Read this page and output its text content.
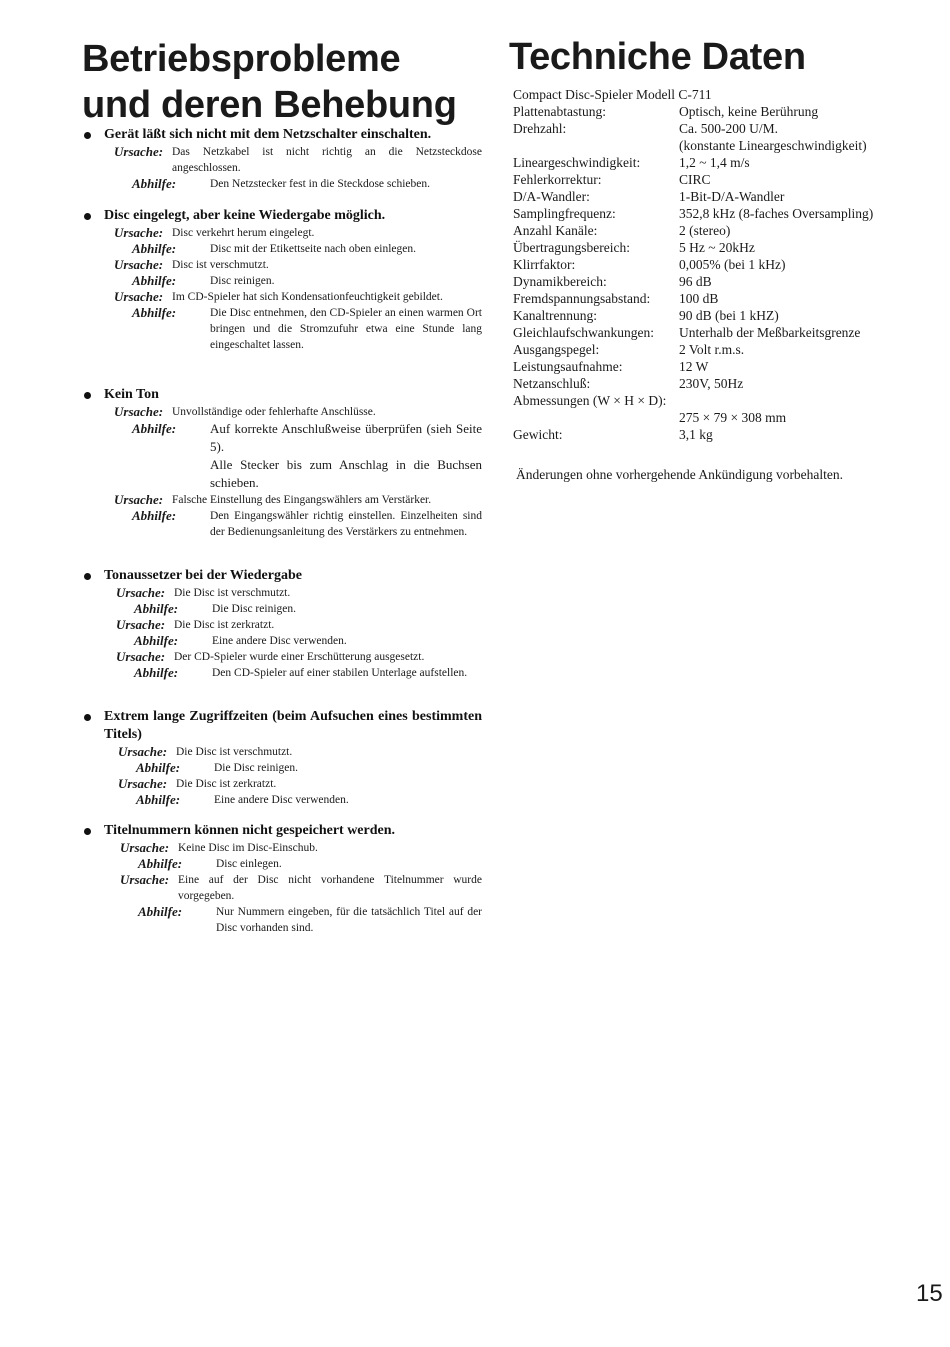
Betriebsprobleme
und deren Behebung
Techniche Daten
Gerät läßt sich nicht mit dem Netzschalter einschalten.
Ursache: Das Netzkabel ist nicht richtig an die Netzsteckdose angeschlossen.
Abhilfe:	Den Netzstecker fest in die Steckdose schieben.
Disc eingelegt, aber keine Wiedergabe möglich.
Ursache: Disc verkehrt herum eingelegt.
Abhilfe:	Disc mit der Etikettseite nach oben einlegen.
Ursache: Disc ist verschmutzt.
Abhilfe:	Disc reinigen.
Ursache: Im CD-Spieler hat sich Kondensationfeuchtigkeit gebildet.
Abhilfe:	Die Disc entnehmen, den CD-Spieler an einen warmen Ort bringen und die Stromzufuhr etwa eine Stunde lang eingeschaltet lassen.
Kein Ton
Ursache: Unvollständige oder fehlerhafte Anschlüsse.
Abhilfe:	Auf korrekte Anschlußweise überprüfen (sieh Seite 5).
Alle Stecker bis zum Anschlag in die Buchsen schieben.
Ursache: Falsche Einstellung des Eingangswählers am Verstärker.
Abhilfe:	Den Eingangswähler richtig einstellen. Einzelheiten sind der Bedienungsanleitung des Verstärkers zu entnehmen.
Tonaussetzer bei der Wiedergabe
Ursache: Die Disc ist verschmutzt.
Abhilfe:	Die Disc reinigen.
Ursache: Die Disc ist zerkratzt.
Abhilfe:	Eine andere Disc verwenden.
Ursache: Der CD-Spieler wurde einer Erschütterung ausgesetzt.
Abhilfe:	Den CD-Spieler auf einer stabilen Unterlage aufstellen.
Extrem lange Zugriffzeiten (beim Aufsuchen eines bestimmten Titels)
Ursache: Die Disc ist verschmutzt.
Abhilfe:	Die Disc reinigen.
Ursache: Die Disc ist zerkratzt.
Abhilfe:	Eine andere Disc verwenden.
Titelnummern können nicht gespeichert werden.
Ursache: Keine Disc im Disc-Einschub.
Abhilfe:	Disc einlegen.
Ursache: Eine auf der Disc nicht vorhandene Titelnummer wurde vorgegeben.
Abhilfe:	Nur Nummern eingeben, für die tatsächlich Titel auf der Disc vorhanden sind.
Compact Disc-Spieler Modell C-711
Plattenabtastung:	Optisch, keine Berührung
Drehzahl:	Ca. 500-200 U/M.
(konstante Lineargeschwindigkeit)
Lineargeschwindigkeit:	1,2 ~ 1,4 m/s
Fehlerkorrektur:	CIRC
D/A-Wandler:	1-Bit-D/A-Wandler
Samplingfrequenz:	352,8 kHz (8-faches Oversampling)
Anzahl Kanäle:	2 (stereo)
Übertragungsbereich:	5 Hz ~ 20kHz
Klirrfaktor:	0,005% (bei 1 kHz)
Dynamikbereich:	96 dB
Fremdspannungsabstand: 100 dB
Kanaltrennung:	90 dB (bei 1 kHZ)
Gleichlaufschwankungen: Unterhalb der Meßbarkeitsgrenze
Ausgangspegel:	2 Volt r.m.s.
Leistungsaufnahme:	12 W
Netzanschluß:	230V, 50Hz
Abmessungen (W × H × D):
275 × 79 × 308 mm
Gewicht:	3,1 kg
Änderungen ohne vorhergehende Ankündigung vorbehalten.
15
